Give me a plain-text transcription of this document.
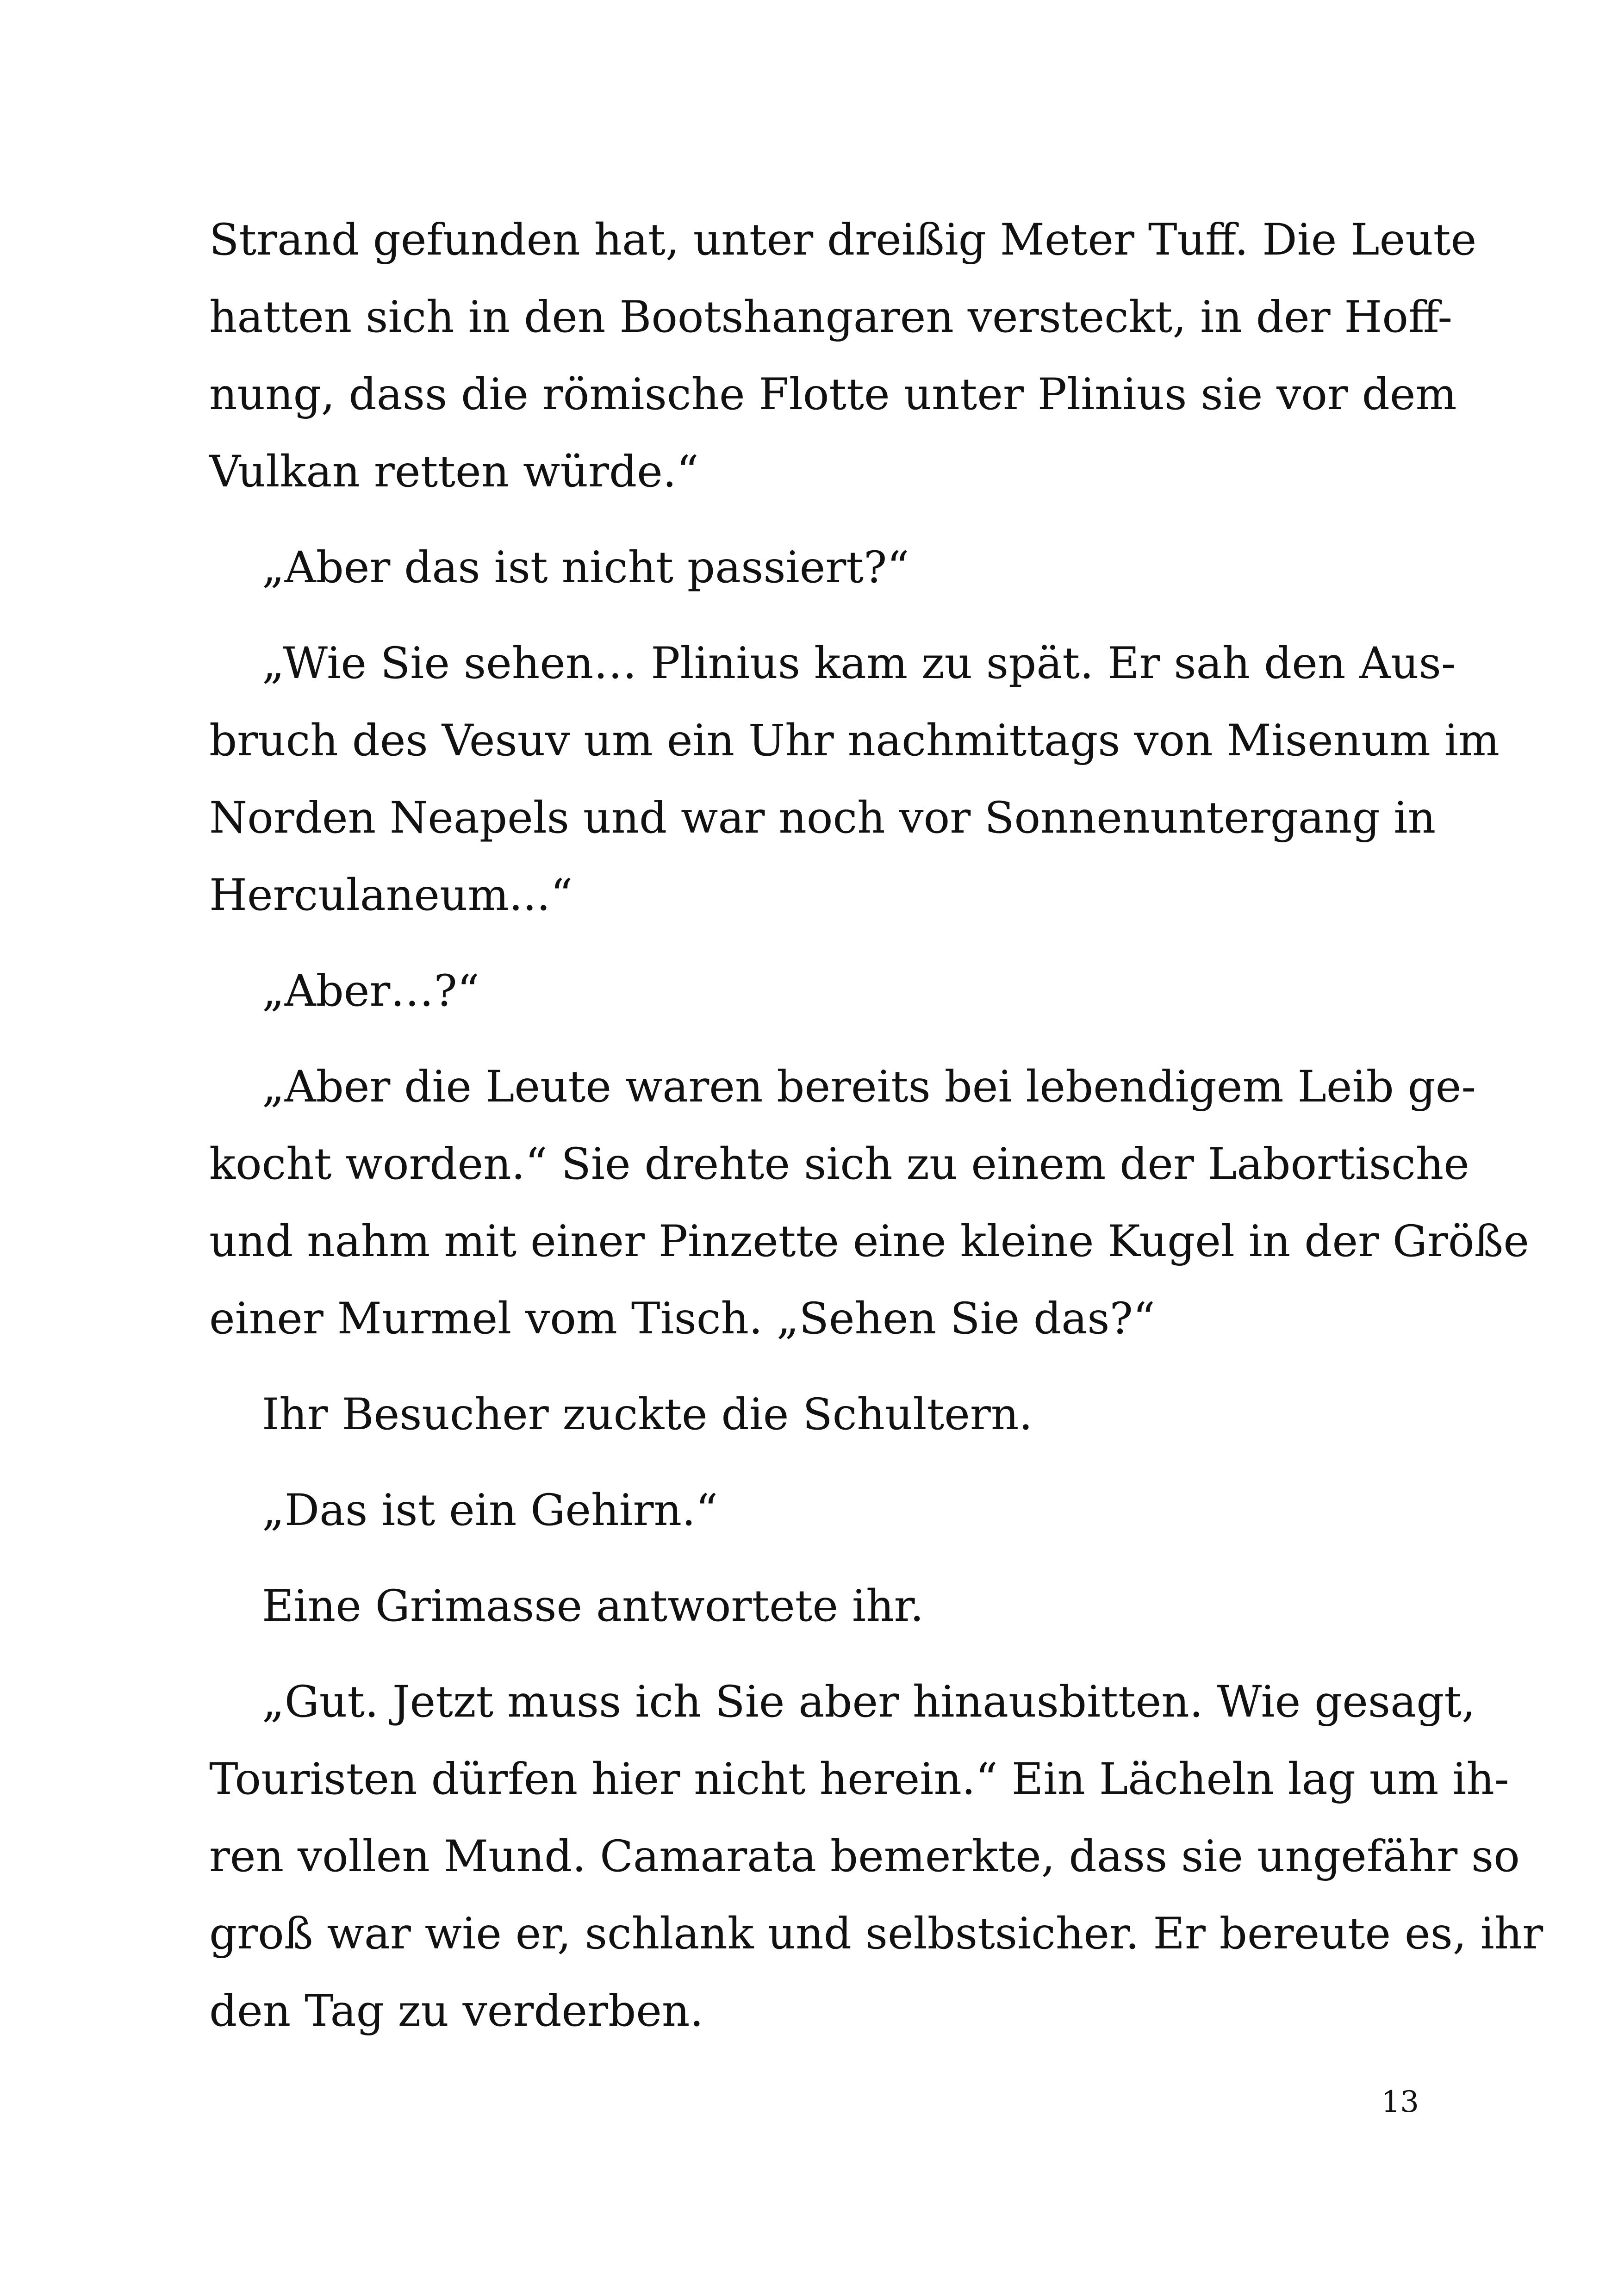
Strand gefunden hat, unter dreißig Meter Tuff. Die Leute
hatten sich in den Bootshangaren versteckt, in der Hoff-
nung, dass die römische Flotte unter Plinius sie vor dem
Vulkan retten würde.“
„Aber das ist nicht passiert?“
„Wie Sie sehen… Plinius kam zu spät. Er sah den Aus-
bruch des Vesuv um ein Uhr nachmittags von Misenum im
Norden Neapels und war noch vor Sonnenuntergang in
Herculaneum...“
„Aber…?“
„Aber die Leute waren bereits bei lebendigem Leib ge-
kocht worden.“ Sie drehte sich zu einem der Labortische
und nahm mit einer Pinzette eine kleine Kugel in der Größe
einer Murmel vom Tisch. „Sehen Sie das?“
Ihr Besucher zuckte die Schultern.
„Das ist ein Gehirn.“
Eine Grimasse antwortete ihr.
„Gut. Jetzt muss ich Sie aber hinausbitten. Wie gesagt,
Touristen dürfen hier nicht herein.“ Ein Lächeln lag um ih-
ren vollen Mund. Camarata bemerkte, dass sie ungefähr so
groß war wie er, schlank und selbstsicher. Er bereute es, ihr
den Tag zu verderben.
13
